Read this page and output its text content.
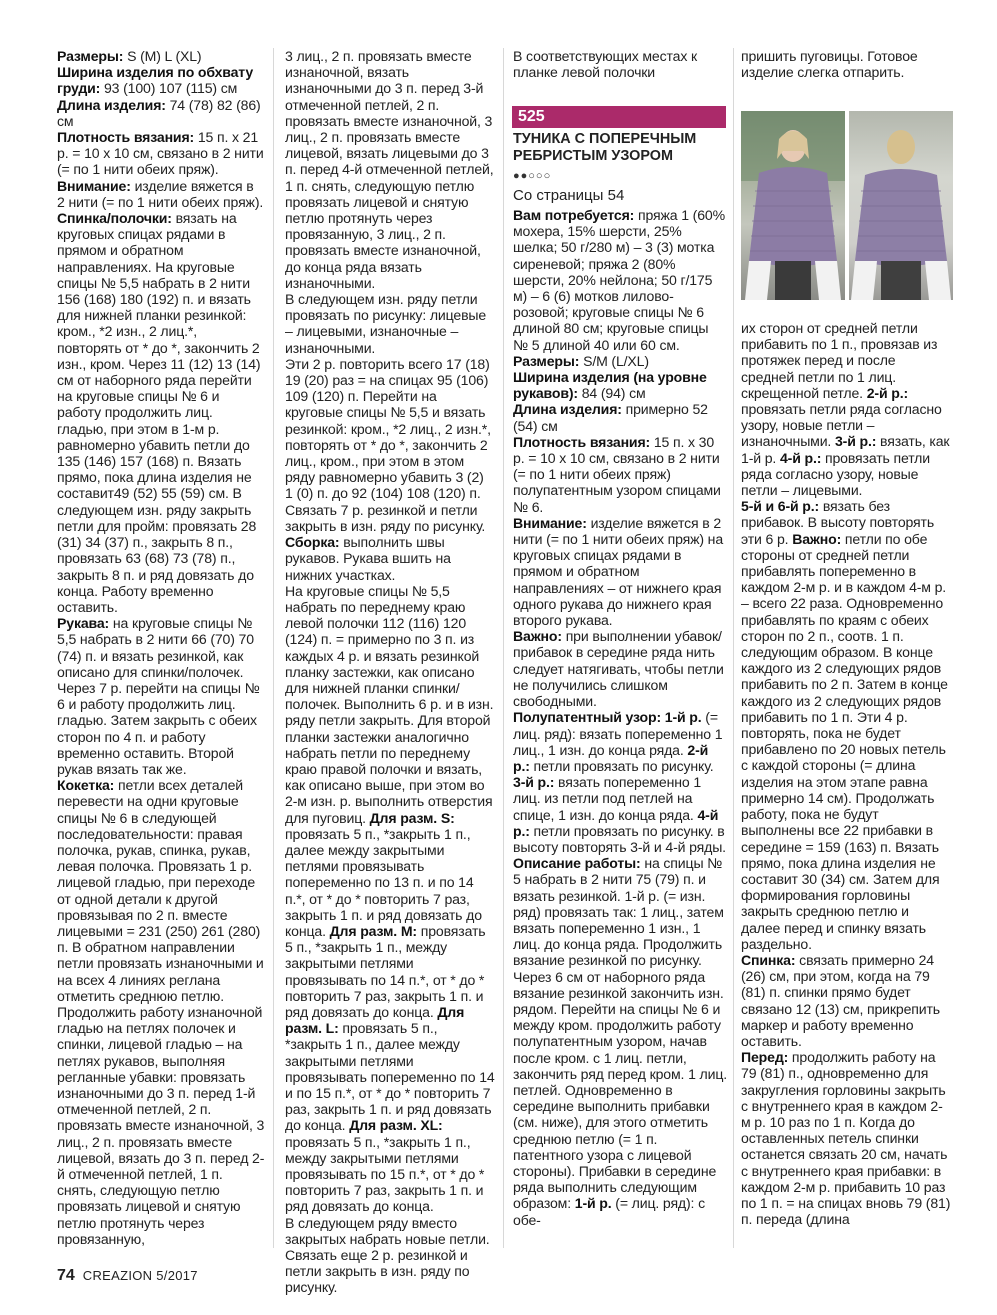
Размеры: S (M) L (XL)

Ширина изделия по обхвату груди: 93 (100) 107 (115) см

Длина изделия: 74 (78) 82 (86) см

Плотность вязания: 15 п. х 21 р. = 10 х 10 см, связано в 2 нити (= по 1 нити обеих пряж).

Внимание: изделие вяжется в 2 нити (= по 1 нити обеих пряж).

Спинка/полочки: вязать на круговых спицах рядами в прямом и обратном направлениях. На круговые спицы № 5,5 набрать в 2 нити 156 (168) 180 (192) п. и вязать для нижней планки резинкой: кром., *2 изн., 2 лиц.*, повторять от * до *, закончить 2 изн., кром. Через 11 (12) 13 (14) см от наборного ряда перейти на круговые спицы № 6 и работу продолжить лиц. гладью, при этом в 1-м р. равномерно убавить петли до 135 (146) 157 (168) п. Вязать прямо, пока длина изделия не составит49 (52) 55 (59) см. В следующем изн. ряду закрыть петли для пройм: провязать 28 (31) 34 (37) п., закрыть 8 п., провязать 63 (68) 73 (78) п., закрыть 8 п. и ряд довязать до конца. Работу временно оставить.

Рукава: на круговые спицы № 5,5 набрать в 2 нити 66 (70) 70 (74) п. и вязать резинкой, как описано для спинки/полочек. Через 7 р. перейти на спицы № 6 и работу продолжить лиц. гладью. Затем закрыть с обеих сторон по 4 п. и работу временно оставить. Второй рукав вязать так же.

Кокетка: петли всех деталей перевести на одни круговые спицы № 6 в следующей последовательности: правая полочка, рукав, спинка, рукав, левая полочка. Провязать 1 р. лицевой гладью, при переходе от одной детали к другой провязывая по 2 п. вместе лицевыми = 231 (250) 261 (280) п. В обратном направлении петли провязать изнаночными и на всех 4 линиях реглана отметить среднюю петлю. Продолжить работу изнаночной гладью на петлях полочек и спинки, лицевой гладью – на петлях рукавов, выполняя регланные убавки: провязать изнаночными до 3 п. перед 1-й отмеченной петлей, 2 п. провязать вместе изнаночной, 3 лиц., 2 п. провязать вместе лицевой, вязать до 3 п. перед 2-й отмеченной петлей, 1 п. снять, следующую петлю провязать лицевой и снятую петлю протянуть через провязанную,

3 лиц., 2 п. провязать вместе изнаночной, вязать изнаночными до 3 п. перед 3-й отмеченной петлей, 2 п. провязать вместе изнаночной, 3 лиц., 2 п. провязать вместе лицевой, вязать лицевыми до 3 п. перед 4-й отмеченной петлей, 1 п. снять, следующую петлю провязать лицевой и снятую петлю протянуть через провязанную, 3 лиц., 2 п. провязать вместе изнаночной, до конца ряда вязать изнаночными.

В следующем изн. ряду петли провязать по рисунку: лицевые – лицевыми, изнаночные – изнаночными.

Эти 2 р. повторить всего 17 (18) 19 (20) раз = на спицах 95 (106) 109 (120) п. Перейти на круговые спицы № 5,5 и вязать резинкой: кром., *2 лиц., 2 изн.*, повторять от * до *, закончить 2 лиц., кром., при этом в этом ряду равномерно убавить 3 (2) 1 (0) п. до 92 (104) 108 (120) п. Связать 7 р. резинкой и петли закрыть в изн. ряду по рисунку.

Сборка: выполнить швы рукавов. Рукава вшить на нижних участках.

На круговые спицы № 5,5 набрать по переднему краю левой полочки 112 (116) 120 (124) п. = примерно по 3 п. из каждых 4 р. и вязать резинкой планку застежки, как описано для нижней планки спинки/полочек. Выполнить 6 р. и в изн. ряду петли закрыть. Для второй планки застежки аналогично набрать петли по переднему краю правой полочки и вязать, как описано выше, при этом во 2-м изн. р. выполнить отверстия для пуговиц. Для разм. S: провязать 5 п., *закрыть 1 п., далее между закрытыми петлями провязывать попеременно по 13 п. и по 14 п.*, от * до * повторить 7 раз, закрыть 1 п. и ряд довязать до конца. Для разм. M: провязать 5 п., *закрыть 1 п., между закрытыми петлями провязывать по 14 п.*, от * до * повторить 7 раз, закрыть 1 п. и ряд довязать до конца. Для разм. L: провязать 5 п., *закрыть 1 п., далее между закрытыми петлями провязывать попеременно по 14 и по 15 п.*, от * до * повторить 7 раз, закрыть 1 п. и ряд довязать до конца. Для разм. XL: провязать 5 п., *закрыть 1 п., между закрытыми петлями провязывать по 15 п.*, от * до * повторить 7 раз, закрыть 1 п. и ряд довязать до конца.

В следующем ряду вместо закрытых набрать новые петли. Связать еще 2 р. резинкой и петли закрыть в изн. ряду по рисунку.

В соответствующих местах к планке левой полочки

525
ТУНИКА С ПОПЕРЕЧНЫМ РЕБРИСТЫМ УЗОРОМ
●●○○○
Со страницы 54

Вам потребуется: пряжа 1 (60% мохера, 15% шерсти, 25% шелка; 50 г/280 м) – 3 (3) мотка сиреневой; пряжа 2 (80% шерсти, 20% нейлона; 50 г/175 м) – 6 (6) мотков лилово-розовой; круговые спицы № 6 длиной 80 см; круговые спицы № 5 длиной 40 или 60 см.

Размеры: S/M (L/XL)

Ширина изделия (на уровне рукавов): 84 (94) см

Длина изделия: примерно 52 (54) см

Плотность вязания: 15 п. х 30 р. = 10 х 10 см, связано в 2 нити (= по 1 нити обеих пряж) полупатентным узором спицами № 6.

Внимание: изделие вяжется в 2 нити (= по 1 нити обеих пряж) на круговых спицах рядами в прямом и обратном направлениях – от нижнего края одного рукава до нижнего края второго рукава.

Важно: при выполнении убавок/прибавок в середине ряда нить следует натягивать, чтобы петли не получились слишком свободными.

Полупатентный узор: 1-й р. (= лиц. ряд): вязать попеременно 1 лиц., 1 изн. до конца ряда. 2-й р.: петли провязать по рисунку. 3-й р.: вязать попеременно 1 лиц. из петли под петлей на спице, 1 изн. до конца ряда. 4-й р.: петли провязать по рисунку. в высоту повторять 3-й и 4-й ряды.

Описание работы: на спицы № 5 набрать в 2 нити 75 (79) п. и вязать резинкой. 1-й р. (= изн. ряд) провязать так: 1 лиц., затем вязать попеременно 1 изн., 1 лиц. до конца ряда. Продолжить вязание резинкой по рисунку. Через 6 см от наборного ряда вязание резинкой закончить изн. рядом. Перейти на спицы № 6 и между кром. продолжить работу полупатентным узором, начав после кром. с 1 лиц. петли, закончить ряд перед кром. 1 лиц. петлей. Одновременно в середине выполнить прибавки (см. ниже), для этого отметить среднюю петлю (= 1 п. патентного узора с лицевой стороны). Прибавки в середине ряда выполнить следующим образом: 1-й р. (= лиц. ряд): с обе-

пришить пуговицы. Готовое изделие слегка отпарить.

их сторон от средней петли прибавить по 1 п., провязав из протяжек перед и после средней петли по 1 лиц. скрещенной петле. 2-й р.: провязать петли ряда согласно узору, новые петли – изнаночными. 3-й р.: вязать, как 1-й р. 4-й р.: провязать петли ряда согласно узору, новые петли – лицевыми.

5-й и 6-й р.: вязать без прибавок. В высоту повторять эти 6 р. Важно: петли по обе стороны от средней петли прибавлять попеременно в каждом 2-м р. и в каждом 4-м р. – всего 22 раза. Одновременно прибавлять по краям с обеих сторон по 2 п., соотв. 1 п. следующим образом. В конце каждого из 2 следующих рядов прибавить по 2 п. Затем в конце каждого из 2 следующих рядов прибавить по 1 п. Эти 4 р. повторять, пока не будет прибавлено по 20 новых петель с каждой стороны (= длина изделия на этом этапе равна примерно 14 см). Продолжать работу, пока не будут выполнены все 22 прибавки в середине = 159 (163) п. Вязать прямо, пока длина изделия не составит 30 (34) см. Затем для формирования горловины закрыть среднюю петлю и далее перед и спинку вязать раздельно.

Спинка: связать примерно 24 (26) см, при этом, когда на 79 (81) п. спинки прямо будет связано 12 (13) см, прикрепить маркер и работу временно оставить.

Перед: продолжить работу на 79 (81) п., одновременно для закругления горловины закрыть с внутреннего края в каждом 2-м р. 10 раз по 1 п. Когда до оставленных петель спинки останется связать 20 см, начать с внутреннего края прибавки: в каждом 2-м р. прибавить 10 раз по 1 п. = на спицах вновь 79 (81) п. переда (длина

74 CREAZION 5/2017
